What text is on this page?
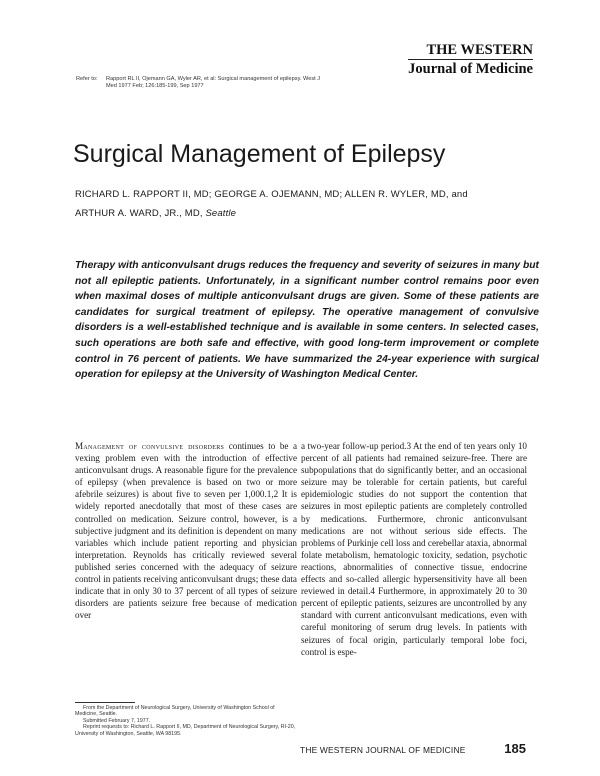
THE WESTERN
Journal of Medicine
Refer to: Rapport RL II, Ojemann GA, Wyler AR, et al: Surgical management of epilepsy. West J Med 1977 Feb; 126:185-199, Sep 1977
Surgical Management of Epilepsy
RICHARD L. RAPPORT II, MD; GEORGE A. OJEMANN, MD; ALLEN R. WYLER, MD, and
ARTHUR A. WARD, JR., MD, Seattle
Therapy with anticonvulsant drugs reduces the frequency and severity of seizures in many but not all epileptic patients. Unfortunately, in a significant number control remains poor even when maximal doses of multiple anticonvulsant drugs are given. Some of these patients are candidates for surgical treatment of epilepsy. The operative management of convulsive disorders is a well-established technique and is available in some centers. In selected cases, such operations are both safe and effective, with good long-term improvement or complete control in 76 percent of patients. We have summarized the 24-year experience with surgical operation for epilepsy at the University of Washington Medical Center.
Management of convulsive disorders continues to be a vexing problem even with the introduction of effective anticonvulsant drugs. A reasonable figure for the prevalence of epilepsy (when prevalence is based on two or more afebrile seizures) is about five to seven per 1,000.1,2 It is widely reported anecdotally that most of these cases are controlled on medication. Seizure control, however, is a subjective judgment and its definition is dependent on many variables which include patient reporting and physician interpretation. Reynolds has critically reviewed several published series concerned with the adequacy of seizure control in patients receiving anticonvulsant drugs; these data indicate that in only 30 to 37 percent of all types of seizure disorders are patients seizure free because of medication over
a two-year follow-up period.3 At the end of ten years only 10 percent of all patients had remained seizure-free. There are subpopulations that do significantly better, and an occasional seizure may be tolerable for certain patients, but careful epidemiologic studies do not support the contention that seizures in most epileptic patients are completely controlled by medications. Furthermore, chronic anticonvulsant medications are not without serious side effects. The problems of Purkinje cell loss and cerebellar ataxia, abnormal folate metabolism, hematologic toxicity, sedation, psychotic reactions, abnormalities of connective tissue, endocrine effects and so-called allergic hypersensitivity have all been reviewed in detail.4 Furthermore, in approximately 20 to 30 percent of epileptic patients, seizures are uncontrolled by any standard with current anticonvulsant medications, even with careful monitoring of serum drug levels. In patients with seizures of focal origin, particularly temporal lobe foci, control is espe-

From the Department of Neurological Surgery, University of Washington School of Medicine, Seattle.

Submitted February 7, 1977.

Reprint requests to: Richard L. Rapport II, MD, Department of Neurological Surgery, RI-20, University of Washington, Seattle, WA 98195.

THE WESTERN JOURNAL OF MEDICINE	185
